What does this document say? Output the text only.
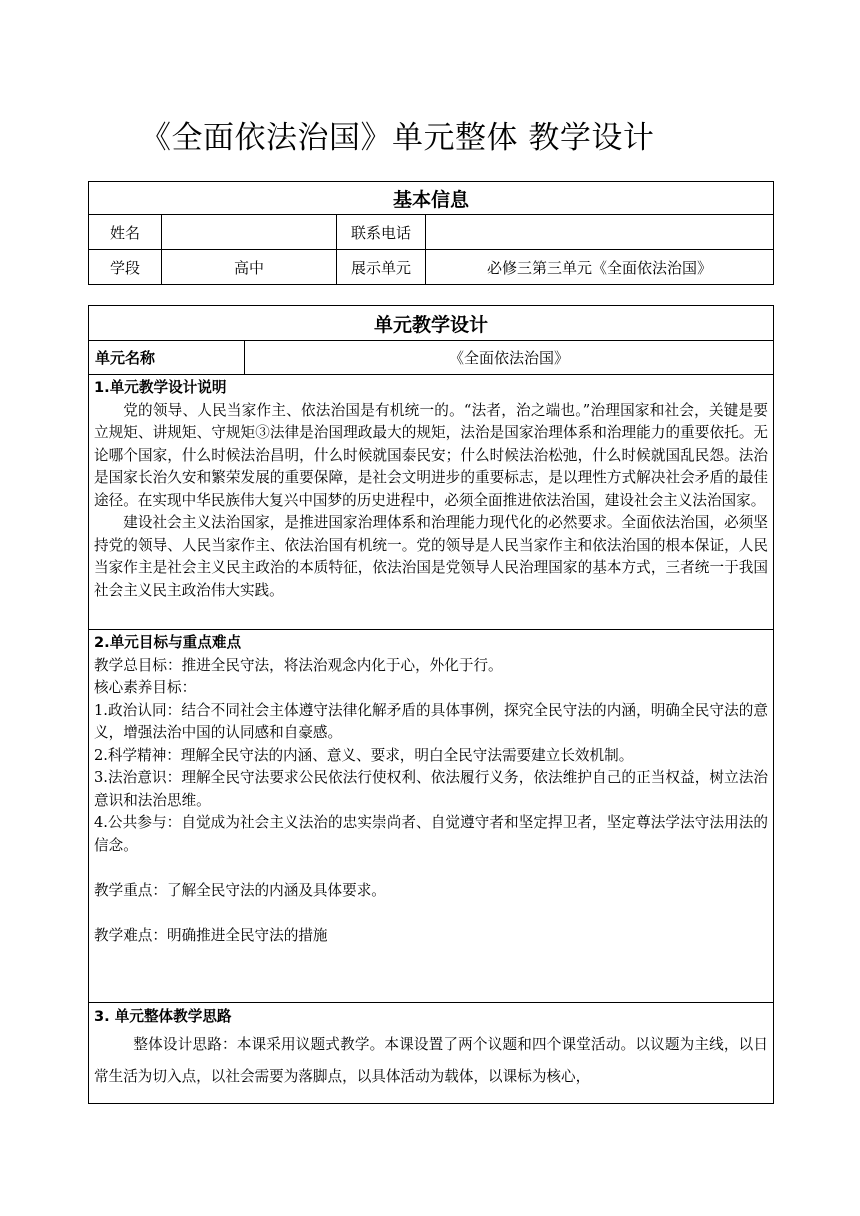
《全面依法治国》单元整体 教学设计
基本信息			
姓名		联系电话	
学段	高中	展示单元	必修三第三单元《全面依法治国》
单元教学设计
单元名称	《全面依法治国》

1.单元教学设计说明

党的领导、人民当家作主、依法治国是有机统一的。“法者，治之端也。”治理国家和社会，关键是要立规矩、讲规矩、守规矩③法律是治国理政最大的规矩，法治是国家治理体系和治理能力的重要依托。无论哪个国家，什么时候法治昌明，什么时候就国泰民安；什么时候法治松弛，什么时候就国乱民怨。法治是国家长治久安和繁荣发展的重要保障，是社会文明进步的重要标志，是以理性方式解决社会矛盾的最佳途径。在实现中华民族伟大复兴中国梦的历史进程中，必须全面推进依法治国，建设社会主义法治国家。

建设社会主义法治国家，是推进国家治理体系和治理能力现代化的必然要求。全面依法治国，必须坚持党的领导、人民当家作主、依法治国有机统一。党的领导是人民当家作主和依法治国的根本保证，人民当家作主是社会主义民主政治的本质特征，依法治国是党领导人民治理国家的基本方式，三者统一于我国社会主义民主政治伟大实践。

2.单元目标与重点难点

教学总目标：推进全民守法，将法治观念内化于心，外化于行。

核心素养目标：

1.政治认同：结合不同社会主体遵守法律化解矛盾的具体事例，探究全民守法的内涵，明确全民守法的意义，增强法治中国的认同感和自豪感。

2.科学精神：理解全民守法的内涵、意义、要求，明白全民守法需要建立长效机制。

3.法治意识：理解全民守法要求公民依法行使权利、依法履行义务，依法维护自己的正当权益，树立法治意识和法治思维。

4.公共参与：自觉成为社会主义法治的忠实崇尚者、自觉遵守者和坚定捍卫者，坚定尊法学法守法用法的信念。

教学重点：了解全民守法的内涵及具体要求。

教学难点：明确推进全民守法的措施

3. 单元整体教学思路

整体设计思路：本课采用议题式教学。本课设置了两个议题和四个课堂活动。以议题为主线，以日常生活为切入点，以社会需要为落脚点，以具体活动为载体，以课标为核心，
